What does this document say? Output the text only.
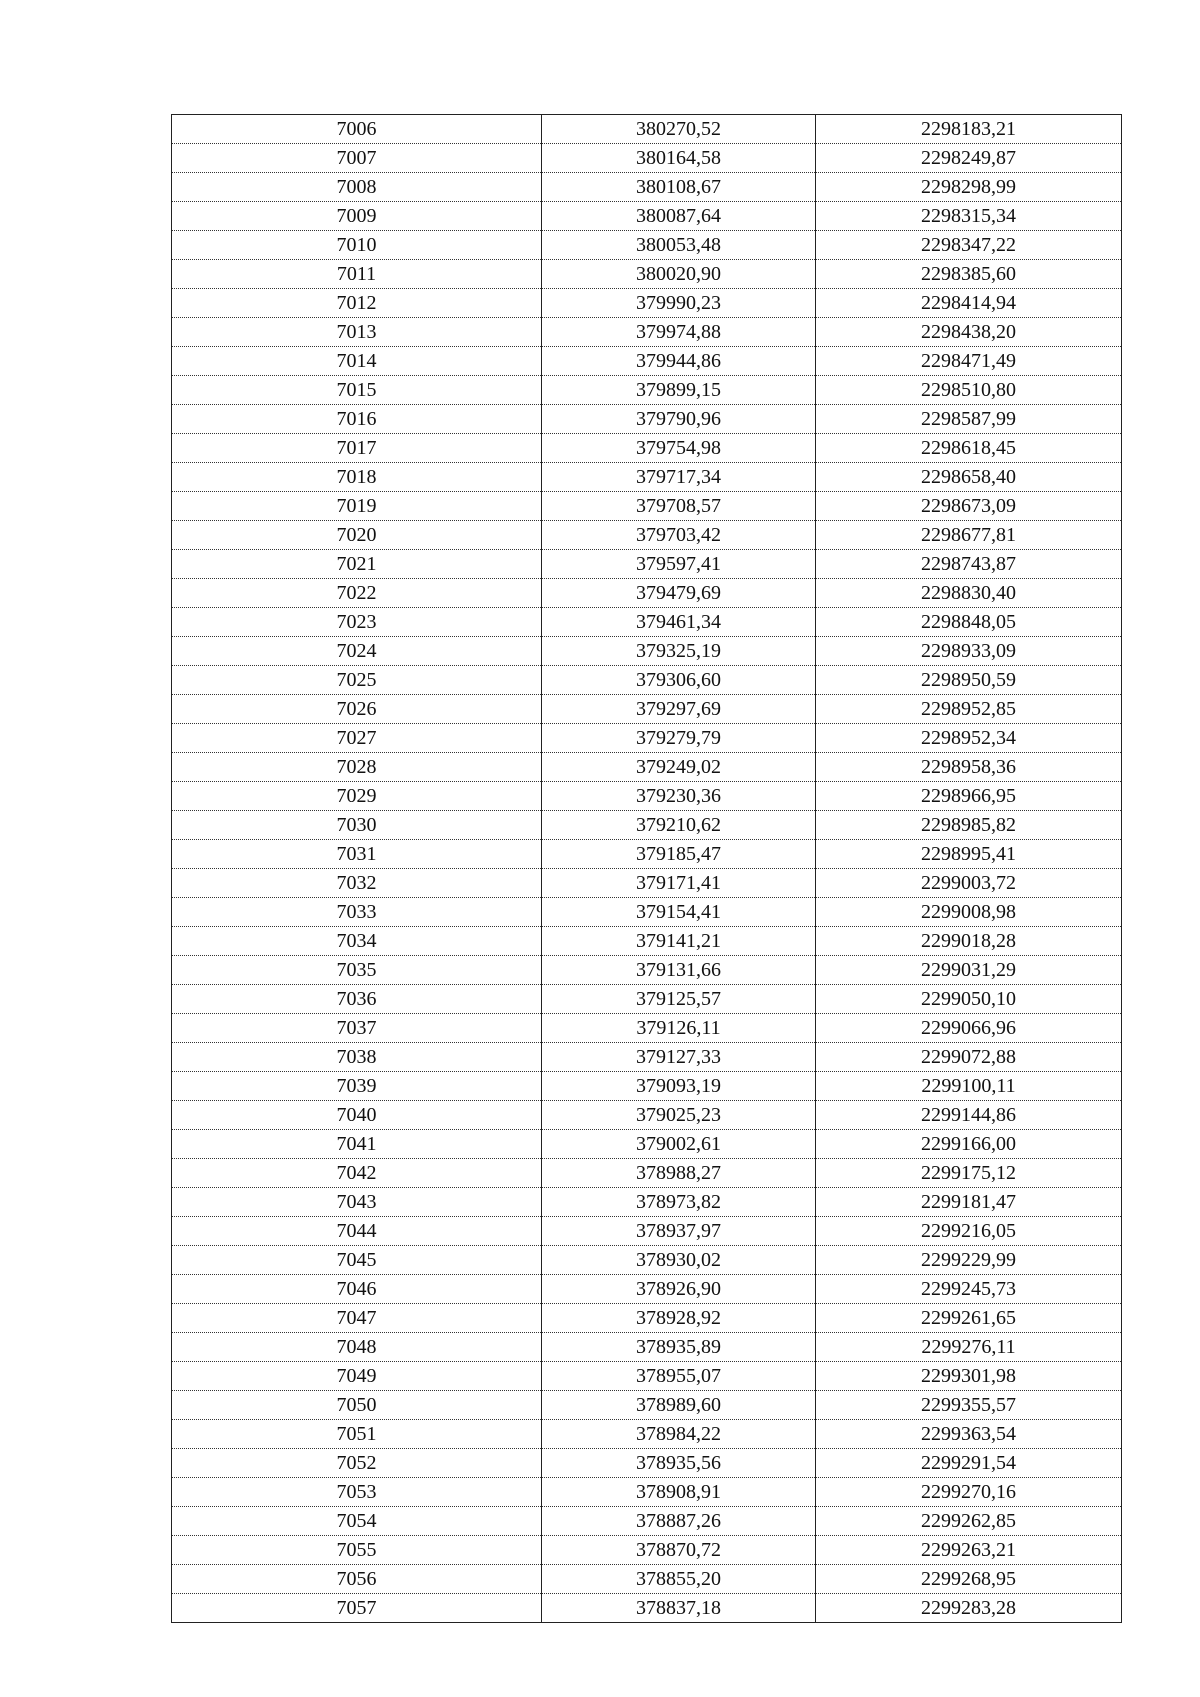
7006	380270,52	2298183,21
7007	380164,58	2298249,87
7008	380108,67	2298298,99
7009	380087,64	2298315,34
7010	380053,48	2298347,22
7011	380020,90	2298385,60
7012	379990,23	2298414,94
7013	379974,88	2298438,20
7014	379944,86	2298471,49
7015	379899,15	2298510,80
7016	379790,96	2298587,99
7017	379754,98	2298618,45
7018	379717,34	2298658,40
7019	379708,57	2298673,09
7020	379703,42	2298677,81
7021	379597,41	2298743,87
7022	379479,69	2298830,40
7023	379461,34	2298848,05
7024	379325,19	2298933,09
7025	379306,60	2298950,59
7026	379297,69	2298952,85
7027	379279,79	2298952,34
7028	379249,02	2298958,36
7029	379230,36	2298966,95
7030	379210,62	2298985,82
7031	379185,47	2298995,41
7032	379171,41	2299003,72
7033	379154,41	2299008,98
7034	379141,21	2299018,28
7035	379131,66	2299031,29
7036	379125,57	2299050,10
7037	379126,11	2299066,96
7038	379127,33	2299072,88
7039	379093,19	2299100,11
7040	379025,23	2299144,86
7041	379002,61	2299166,00
7042	378988,27	2299175,12
7043	378973,82	2299181,47
7044	378937,97	2299216,05
7045	378930,02	2299229,99
7046	378926,90	2299245,73
7047	378928,92	2299261,65
7048	378935,89	2299276,11
7049	378955,07	2299301,98
7050	378989,60	2299355,57
7051	378984,22	2299363,54
7052	378935,56	2299291,54
7053	378908,91	2299270,16
7054	378887,26	2299262,85
7055	378870,72	2299263,21
7056	378855,20	2299268,95
7057	378837,18	2299283,28
